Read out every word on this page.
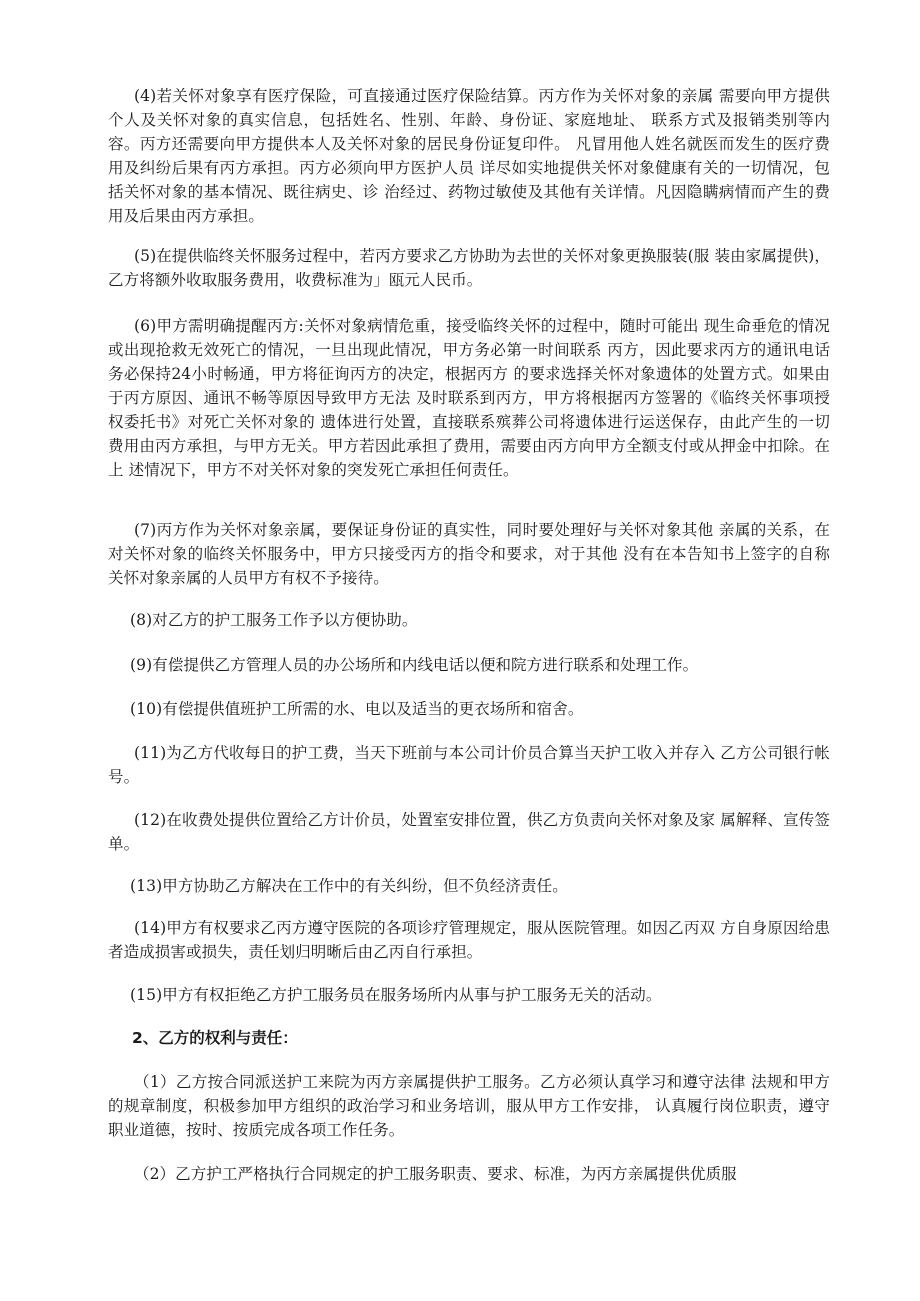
(4)若关怀对象享有医疗保险，可直接通过医疗保险结算。丙方作为关怀对象的亲属 需要向甲方提供个人及关怀对象的真实信息，包括姓名、性别、年龄、身份证、家庭地址、 联系方式及报销类别等内容。丙方还需要向甲方提供本人及关怀对象的居民身份证复印件。 凡冒用他人姓名就医而发生的医疗费用及纠纷后果有丙方承担。丙方必须向甲方医护人员 详尽如实地提供关怀对象健康有关的一切情况，包括关怀对象的基本情况、既往病史、诊 治经过、药物过敏使及其他有关详情。凡因隐瞒病情而产生的费用及后果由丙方承担。

(5)在提供临终关怀服务过程中，若丙方要求乙方协助为去世的关怀对象更换服装(服 装由家属提供)，乙方将额外收取服务费用，收费标准为」瓯元人民币。

(6)甲方需明确提醒丙方:关怀对象病情危重，接受临终关怀的过程中，随时可能出 现生命垂危的情况或出现抢救无效死亡的情况，一旦出现此情况，甲方务必第一时间联系 丙方，因此要求丙方的通讯电话务必保持24小时畅通，甲方将征询丙方的决定，根据丙方 的要求选择关怀对象遗体的处置方式。如果由于丙方原因、通讯不畅等原因导致甲方无法 及时联系到丙方，甲方将根据丙方签署的《临终关怀事项授权委托书》对死亡关怀对象的 遗体进行处置，直接联系殡葬公司将遗体进行运送保存，由此产生的一切费用由丙方承担，与甲方无关。甲方若因此承担了费用，需要由丙方向甲方全额支付或从押金中扣除。在上 述情况下，甲方不对关怀对象的突发死亡承担任何责任。

(7)丙方作为关怀对象亲属，要保证身份证的真实性，同时要处理好与关怀对象其他 亲属的关系，在对关怀对象的临终关怀服务中，甲方只接受丙方的指令和要求，对于其他 没有在本告知书上签字的自称关怀对象亲属的人员甲方有权不予接待。

(8)对乙方的护工服务工作予以方便协助。

(9)有偿提供乙方管理人员的办公场所和内线电话以便和院方进行联系和处理工作。

(10)有偿提供值班护工所需的水、电以及适当的更衣场所和宿舍。

(11)为乙方代收每日的护工费，当天下班前与本公司计价员合算当天护工收入并存入 乙方公司银行帐号。

(12)在收费处提供位置给乙方计价员，处置室安排位置，供乙方负责向关怀对象及家 属解释、宣传签单。

(13)甲方协助乙方解决在工作中的有关纠纷，但不负经济责任。

(14)甲方有权要求乙丙方遵守医院的各项诊疗管理规定，服从医院管理。如因乙丙双 方自身原因给患者造成损害或损失，责任划归明晰后由乙丙自行承担。

(15)甲方有权拒绝乙方护工服务员在服务场所内从事与护工服务无关的活动。

2、乙方的权利与责任：

（1）乙方按合同派送护工来院为丙方亲属提供护工服务。乙方必须认真学习和遵守法律 法规和甲方的规章制度，积极参加甲方组织的政治学习和业务培训，服从甲方工作安排， 认真履行岗位职责，遵守职业道德，按时、按质完成各项工作任务。

（2）乙方护工严格执行合同规定的护工服务职责、要求、标准，为丙方亲属提供优质服
